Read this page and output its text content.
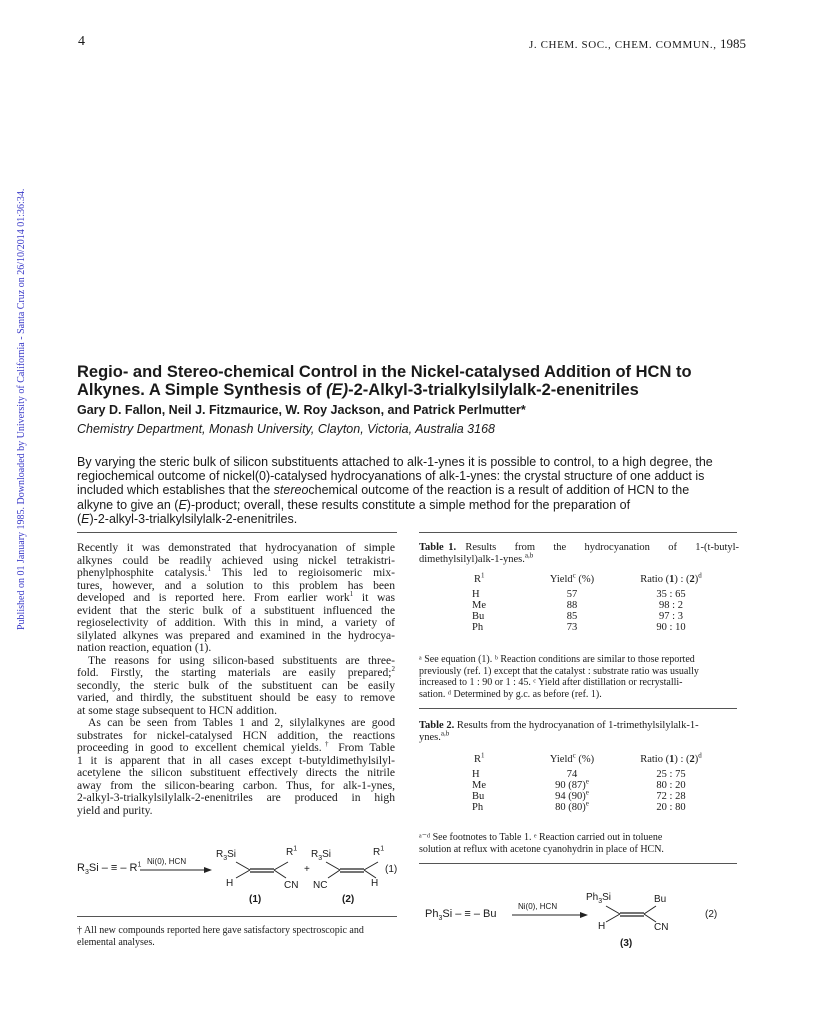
4	J. CHEM. SOC., CHEM. COMMUN., 1985
Published on 01 January 1985. Downloaded by University of California - Santa Cruz on 26/10/2014 01:36:34.	Regio- and Stereo-chemical Control in the Nickel-catalysed Addition of HCN to
Alkynes. A Simple Synthesis of (E)-2-Alkyl-3-trialkylsilylalk-2-enenitriles
Gary D. Fallon, Neil J. Fitzmaurice, W. Roy Jackson, and Patrick Perlmutter*
Chemistry Department, Monash University, Clayton, Victoria, Australia 3168
By varying the steric bulk of silicon substituents attached to alk-1-ynes it is possible to control, to a high degree, the
regiochemical outcome of nickel(0)-catalysed hydrocyanations of alk-1-ynes: the crystal structure of one adduct is
included which establishes that the stereochemical outcome of the reaction is a result of addition of HCN to the
alkyne to give an (E)-product; overall, these results constitute a simple method for the preparation of
(E)-2-alkyl-3-trialkylsilylalk-2-enenitriles.
Recently it was demonstrated that hydrocyanation of simple
alkynes could be readily achieved using nickel tetrakistri-
phenylphosphite catalysis.$^1$ This led to regioisomeric mix-
tures, however, and a solution to this problem has been
developed and is reported here. From earlier work$^1$ it was
evident that the steric bulk of a substituent influenced the
regioselectivity of addition. With this in mind, a variety of
silylated alkynes was prepared and examined in the hydrocya-
nation reaction, equation (1).
The reasons for using silicon-based substituents are three-
fold. Firstly, the starting materials are easily prepared;$^2$
secondly, the steric bulk of the substituent can be easily
varied, and thirdly, the substituent should be easy to remove
at some stage subsequent to HCN addition.
As can be seen from Tables 1 and 2, silylalkynes are good
substrates for nickel-catalysed HCN addition, the reactions
proceeding in good to excellent chemical yields.† From Table
1 it is apparent that in all cases except t-butyldimethylsilyl-
acetylene the silicon substituent effectively directs the nitrile
away from the silicon-bearing carbon. Thus, for alk-1-ynes,
2-alkyl-3-trialkylsilylalk-2-enenitriles are produced in high
yield and purity.
$R_3Si$ – ≡ – $R^1$ Ni(0), HCN
$R_3Si$	$R^1$
H	CN
+
$R_3Si$	$R^1$
NC	H
(1)
(1)	(2)
† All new compounds reported here gave satisfactory spectroscopic and elemental analyses.
Table 1. Results from the hydrocyanation of 1-(t-butyl-
dimethylsilyl)alk-1-ynes.$^{a,b}$
$R^1$	Yield$^c$ (%)	Ratio (1) : $(2)^d$

H	57	35 : 65
Me	88	98 : 2
Bu	85	97 : 3
Ph	73	90 : 10
ᵃ See equation (1). ᵇ Reaction conditions are similar to those reported
previously (ref. 1) except that the catalyst : substrate ratio was usually
increased to 1 : 90 or 1 : 45. ᶜ Yield after distillation or recrystalli-
sation. ᵈ Determined by g.c. as before (ref. 1).
Table 2. Results from the hydrocyanation of 1-trimethylsilylalk-1-
ynes.$^{a,b}$
$R^1$	Yield$^c$ (%)	Ratio (1) : $(2)^d$

H	74	25 : 75
Me	90 $(87)^e$	80 : 20
Bu	94 $(90)^e$	72 : 28
Ph	80 $(80)^e$	20 : 80
ᵃ⁻ᵈ See footnotes to Table 1. ᵉ Reaction carried out in toluene
solution at reflux with acetone cyanohydrin in place of HCN.
$Ph_3Si$ – ≡ – Bu
Ni(0), HCN
$Ph_3Si$	Bu
H	CN
(2)
(3)
